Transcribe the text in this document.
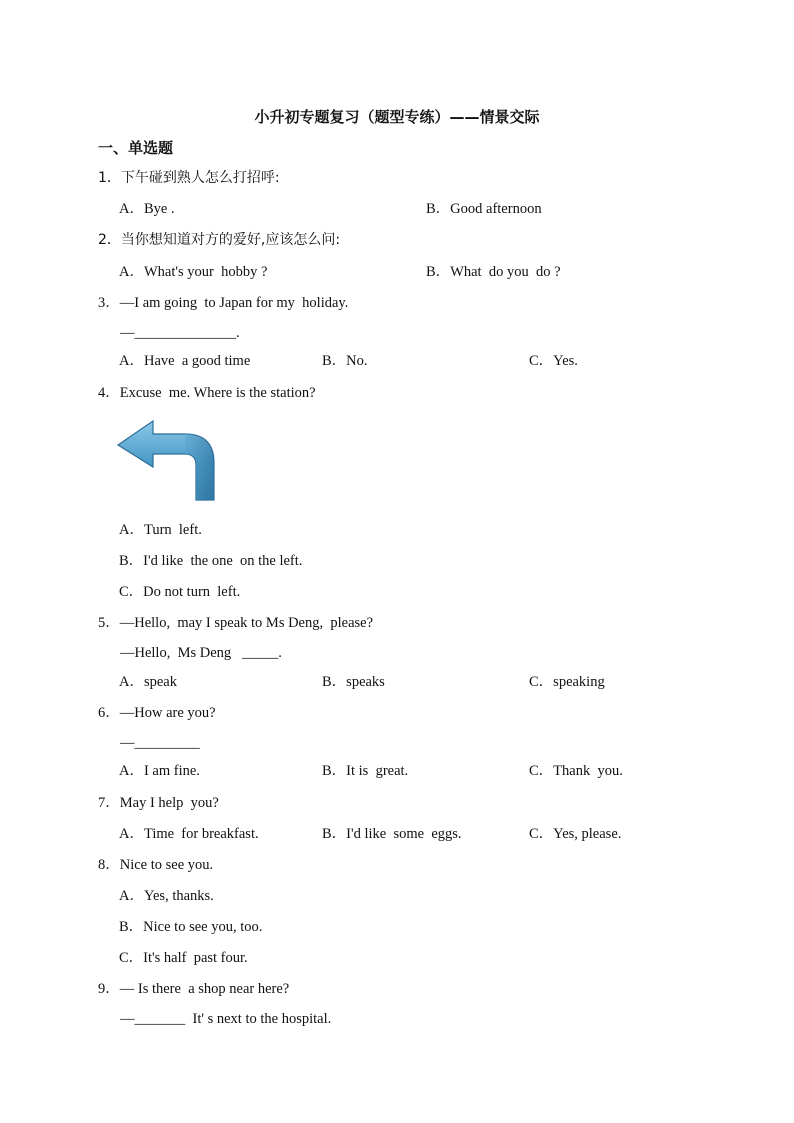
小升初专题复习（题型专练）——情景交际
一、单选题
1．下午碰到熟人怎么打招呼:
A．Bye .	B．Good afternoon
2．当你想知道对方的爱好,应该怎么问:
A．What's your  hobby ?	B．What  do you  do ?
3．—I am going  to Japan for my  holiday.
—______________.
A．Have  a good time	B．No.	C．Yes.
4．Excuse  me. Where is the station?
A．Turn  left.
B．I'd like  the one  on the left.
C．Do not turn  left.
5．—Hello,  may I speak to Ms Deng,  please?
—Hello,  Ms Deng   _____.
A．speak	B．speaks	C．speaking
6．—How are you?
—_________
A．I am fine.	B．It is  great.	C．Thank  you.
7．May I help  you?
A．Time  for breakfast.	B．I'd like  some  eggs.	C．Yes, please.
8．Nice to see you.
A．Yes, thanks.
B．Nice to see you, too.
C．It's half  past four.
9．— Is there  a shop near here?
—_______  It' s next to the hospital.
